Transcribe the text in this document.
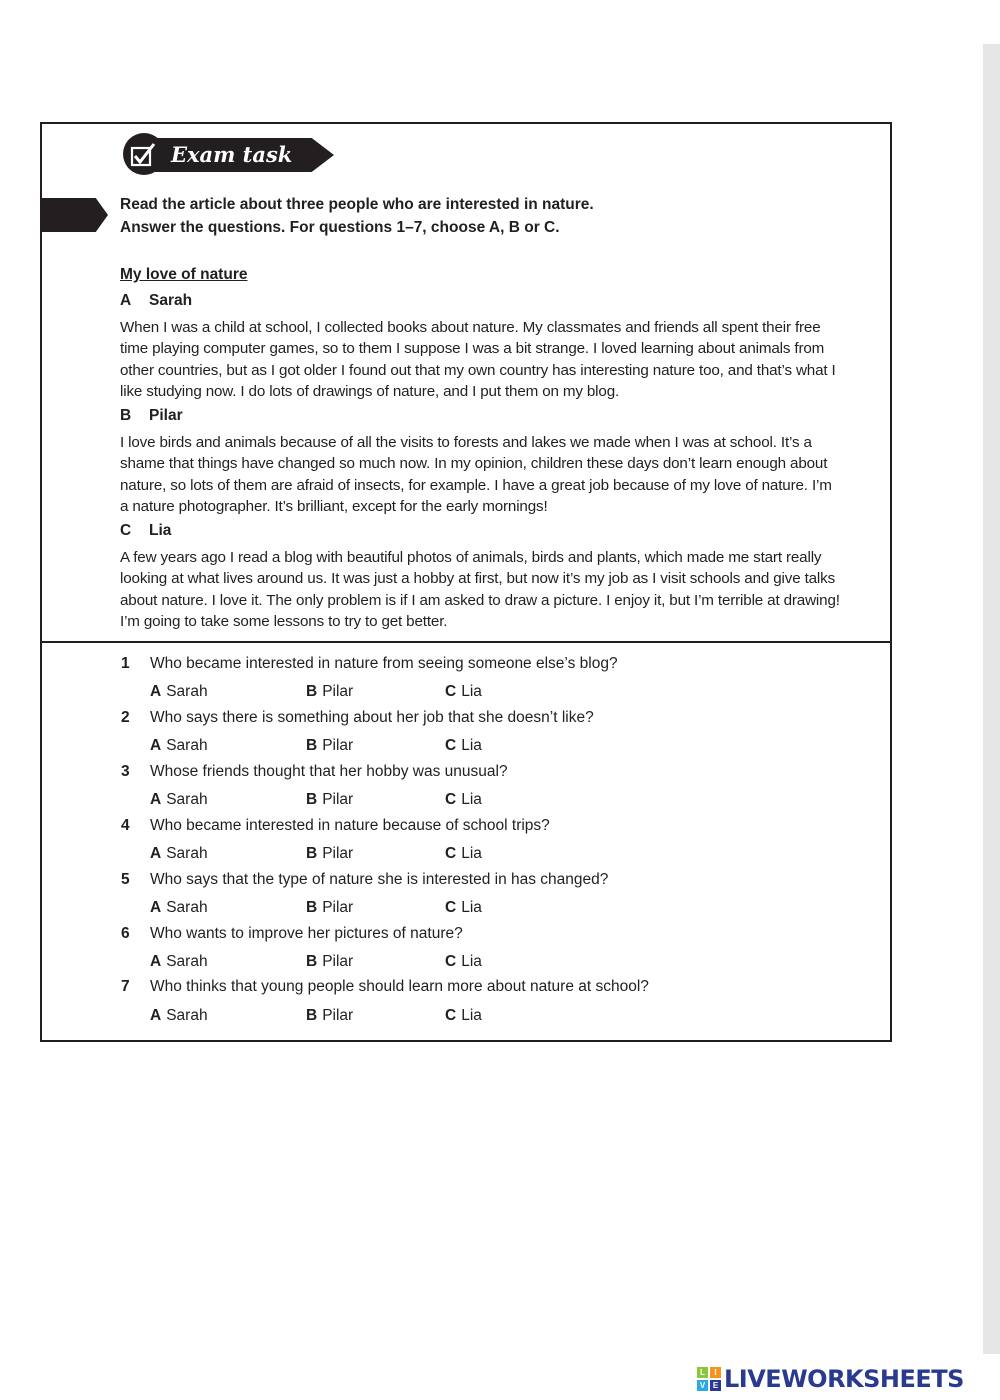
Exam task
Read the article about three people who are interested in nature.
Answer the questions. For questions 1–7, choose A, B or C.
My love of nature
A Sarah

When I was a child at school, I collected books about nature. My classmates and friends all spent their free time playing computer games, so to them I suppose I was a bit strange. I loved learning about animals from other countries, but as I got older I found out that my own country has interesting nature too, and that’s what I like studying now. I do lots of drawings of nature, and I put them on my blog.

B Pilar

I love birds and animals because of all the visits to forests and lakes we made when I was at school. It’s a shame that things have changed so much now. In my opinion, children these days don’t learn enough about nature, so lots of them are afraid of insects, for example. I have a great job because of my love of nature. I’m a nature photographer. It’s brilliant, except for the early mornings!

C Lia

A few years ago I read a blog with beautiful photos of animals, birds and plants, which made me start really looking at what lives around us. It was just a hobby at first, but now it’s my job as I visit schools and give talks about nature. I love it. The only problem is if I am asked to draw a picture. I enjoy it, but I’m terrible at drawing! I’m going to take some lessons to try to get better.

1 Who became interested in nature from seeing someone else’s blog?
A Sarah	B Pilar	C Lia
2 Who says there is something about her job that she doesn’t like?
A Sarah	B Pilar	C Lia
3 Whose friends thought that her hobby was unusual?
A Sarah	B Pilar	C Lia
4 Who became interested in nature because of school trips?
A Sarah	B Pilar	C Lia
5 Who says that the type of nature she is interested in has changed?
A Sarah	B Pilar	C Lia
6 Who wants to improve her pictures of nature?
A Sarah	B Pilar	C Lia
7 Who thinks that young people should learn more about nature at school?
A Sarah	B Pilar	C Lia
L	I
V E LIVEWORKSHEETS
